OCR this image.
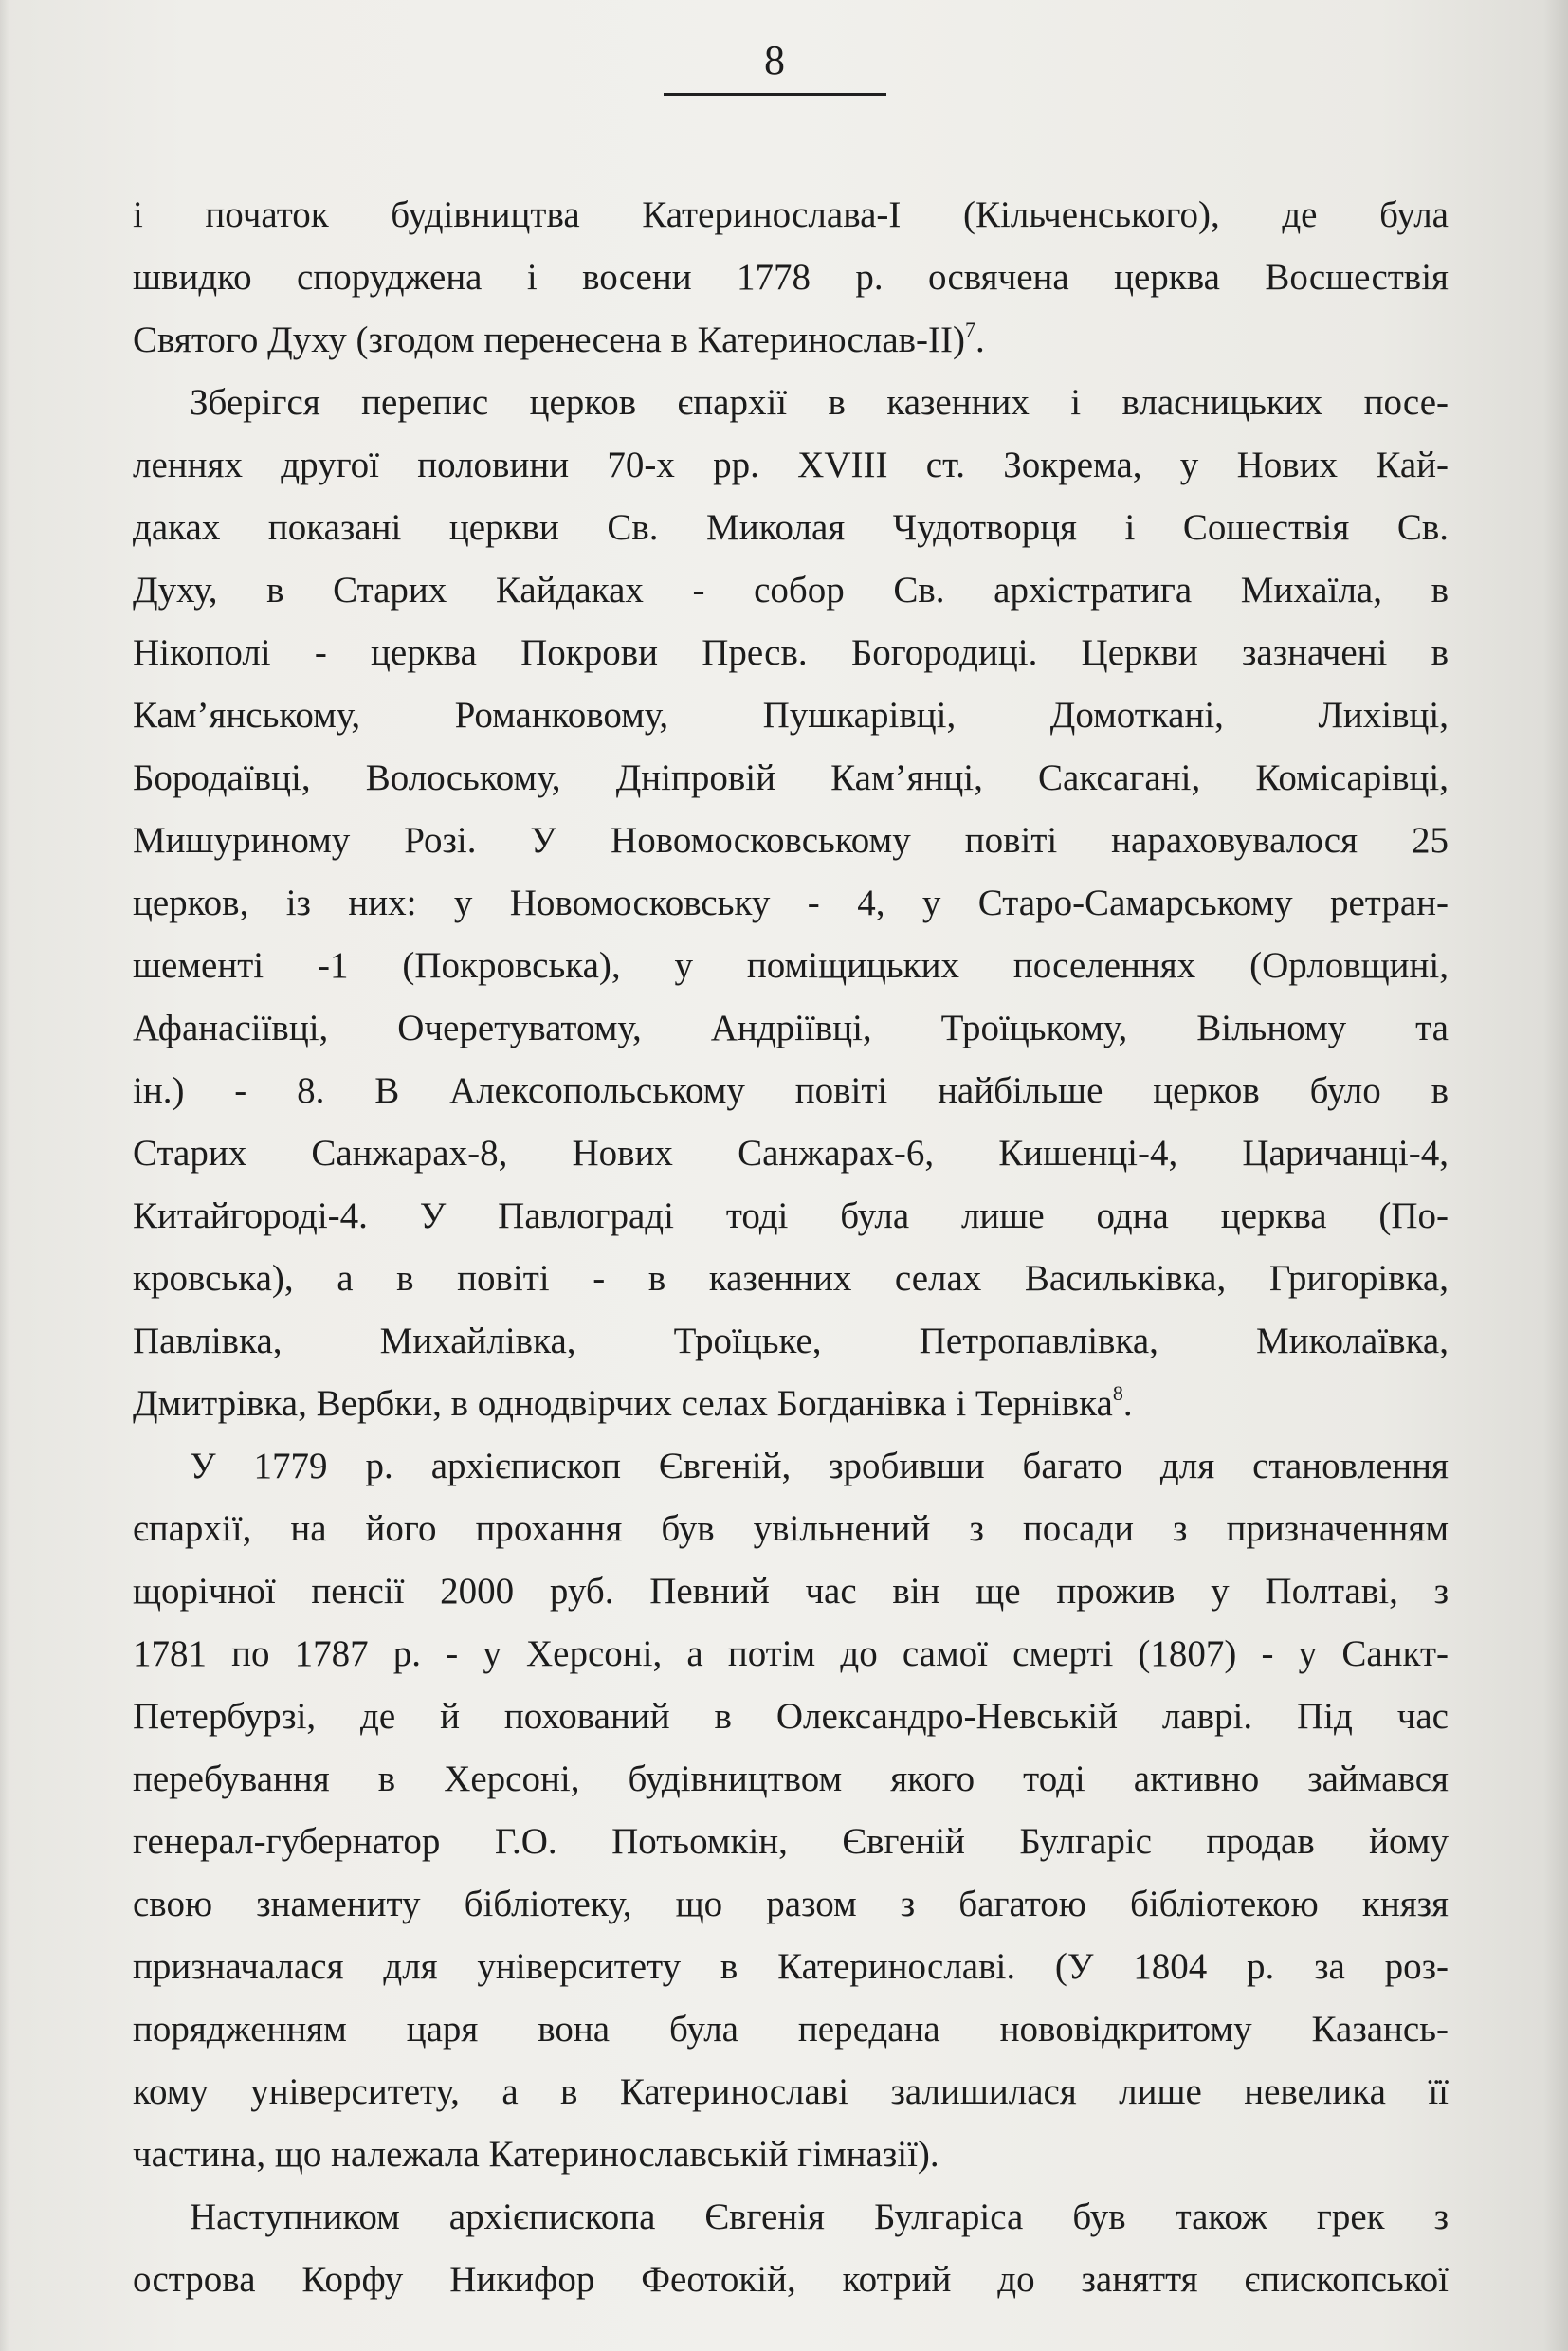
8
і початок будівництва Катеринослава-І (Кільченського), де була
швидко споруджена і восени 1778 р. освячена церква Восшествія
Святого Духу (згодом перенесена в Катеринослав-ІІ)$^7$.
Зберігся перепис церков єпархії в казенних і власницьких посе-
леннях другої половини 70-х рр. XVIII ст. Зокрема, у Нових Кай-
даках показані церкви Св. Миколая Чудотворця і Сошествія Св.
Духу, в Старих Кайдаках - собор Св. архістратига Михаїла, в
Нікополі - церква Покрови Пресв. Богородиці. Церкви зазначені в
Кам’янському, Романковому, Пушкарівці, Домоткані, Лихівці,
Бородаївці, Волоському, Дніпровій Кам’янці, Саксагані, Комісарівці,
Мишуриному Розі. У Новомосковському повіті нараховувалося 25
церков, із них: у Новомосковську - 4, у Старо-Самарському ретран-
шементі -1 (Покровська), у поміщицьких поселеннях (Орловщині,
Афанасіївці, Очеретуватому, Андріївці, Троїцькому, Вільному та
ін.) - 8. В Алексопольському повіті найбільше церков було в
Старих Санжарах-8, Нових Санжарах-6, Кишенці-4, Царичанці-4,
Китайгороді-4. У Павлограді тоді була лише одна церква (По-
кровська), а в повіті - в казенних селах Васильківка, Григорівка,
Павлівка, Михайлівка, Троїцьке, Петропавлівка, Миколаївка,
Дмитрівка, Вербки, в однодвірчих селах Богданівка і Тернівка$^8$.
У 1779 р. архієпископ Євгеній, зробивши багато для становлення
єпархії, на його прохання був увільнений з посади з призначенням
щорічної пенсії 2000 руб. Певний час він ще прожив у Полтаві, з
1781 по 1787 р. - у Херсоні, а потім до самої смерті (1807) - у Санкт-
Петербурзі, де й похований в Олександро-Невській лаврі. Під час
перебування в Херсоні, будівництвом якого тоді активно займався
генерал-губернатор Г.О. Потьомкін, Євгеній Булгаріс продав йому
свою знамениту бібліотеку, що разом з багатою бібліотекою князя
призначалася для університету в Катеринославі. (У 1804 р. за роз-
порядженням царя вона була передана нововідкритому Казансь-
кому університету, а в Катеринославі залишилася лише невелика її
частина, що належала Катеринославській гімназії).
Наступником архієпископа Євгенія Булгаріса був також грек з
острова Корфу Никифор Феотокій, котрий до заняття єпископської
